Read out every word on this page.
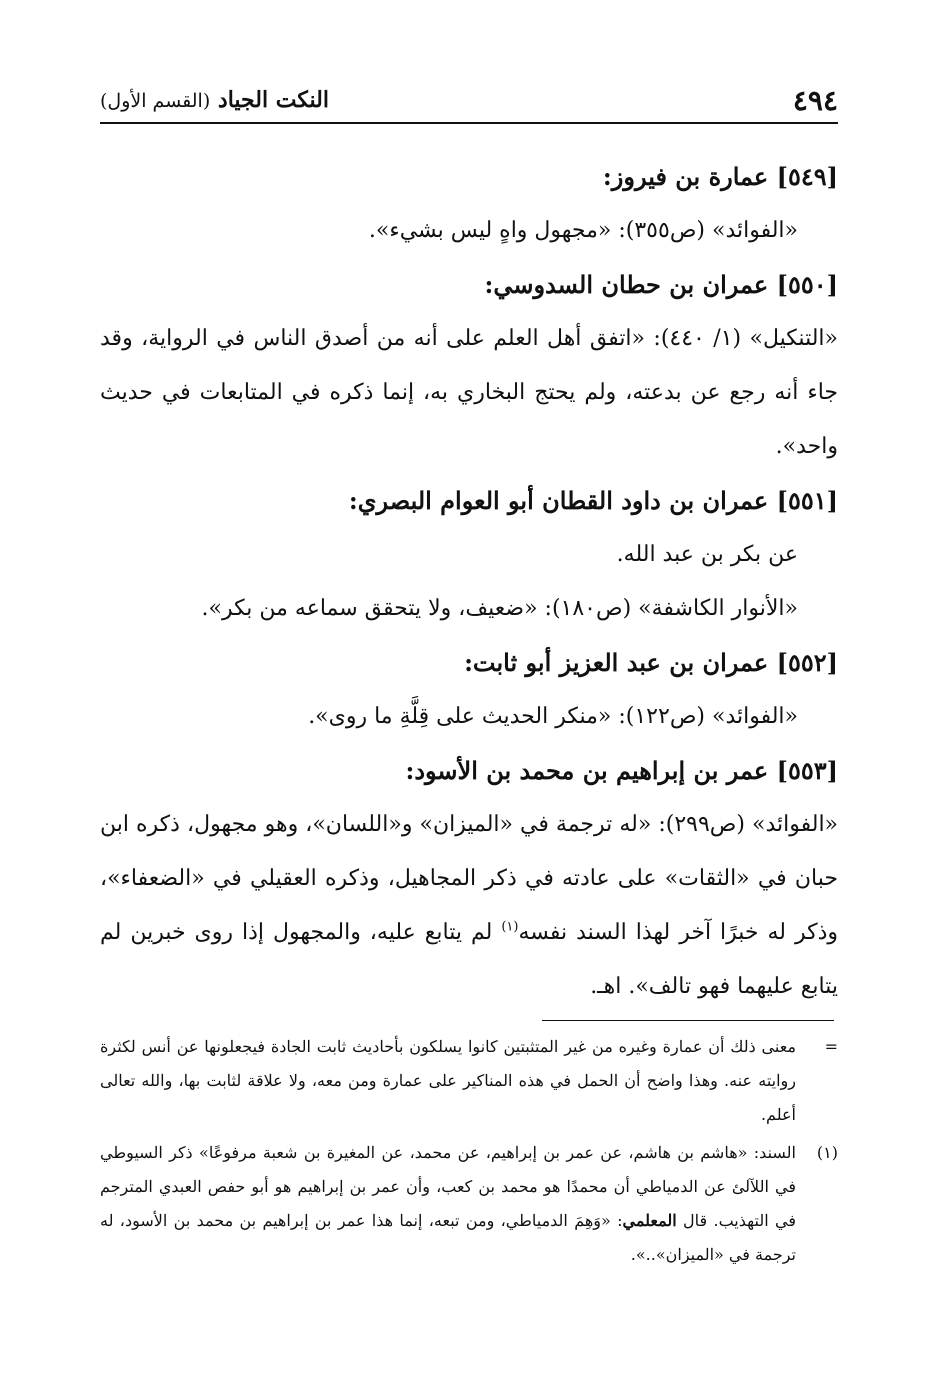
٤٩٤
النكت الجياد (القسم الأول)

[٥٤٩] عمارة بن فيروز:

«الفوائد» (ص٣٥٥): «مجهول واهٍ ليس بشيء».

[٥٥٠] عمران بن حطان السدوسي:

«التنكيل» (١/ ٤٤٠): «اتفق أهل العلم على أنه من أصدق الناس في الرواية، وقد جاء أنه رجع عن بدعته، ولم يحتج البخاري به، إنما ذكره في المتابعات في حديث واحد».

[٥٥١] عمران بن داود القطان أبو العوام البصري:

عن بكر بن عبد الله.

«الأنوار الكاشفة» (ص١٨٠): «ضعيف، ولا يتحقق سماعه من بكر».

[٥٥٢] عمران بن عبد العزيز أبو ثابت:

«الفوائد» (ص١٢٢): «منكر الحديث على قِلَّةِ ما روى».

[٥٥٣] عمر بن إبراهيم بن محمد بن الأسود:

«الفوائد» (ص٢٩٩): «له ترجمة في «الميزان» و«اللسان»، وهو مجهول، ذكره ابن حبان في «الثقات» على عادته في ذكر المجاهيل، وذكره العقيلي في «الضعفاء»، وذكر له خبرًا آخر لهذا السند نفسه$^{(١)}$ لم يتابع عليه، والمجهول إذا روى خبرين لم يتابع عليهما فهو تالف». اهـ.

=
معنى ذلك أن عمارة وغيره من غير المتثبتين كانوا يسلكون بأحاديث ثابت الجادة فيجعلونها عن أنس لكثرة روايته عنه. وهذا واضح أن الحمل في هذه المناكير على عمارة ومن معه، ولا علاقة لثابت بها، والله تعالى أعلم.

(١)
السند: «هاشم بن هاشم، عن عمر بن إبراهيم، عن محمد، عن المغيرة بن شعبة مرفوعًا» ذكر السيوطي في اللآلئ عن الدمياطي أن محمدًا هو محمد بن كعب، وأن عمر بن إبراهيم هو أبو حفص العبدي المترجم في التهذيب. قال المعلمي: «وَهِمَ الدمياطي، ومن تبعه، إنما هذا عمر بن إبراهيم بن محمد بن الأسود، له ترجمة في «الميزان»..».
